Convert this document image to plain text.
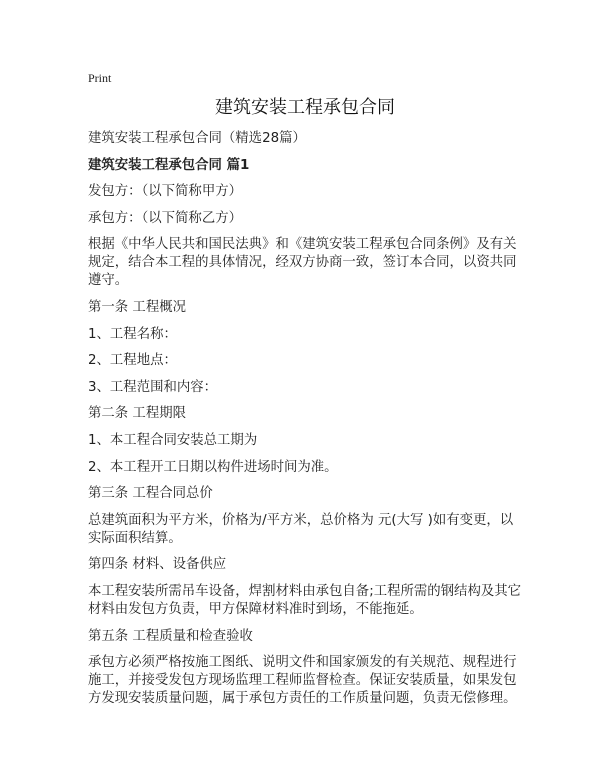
Print
建筑安装工程承包合同

建筑安装工程承包合同（精选28篇）

建筑安装工程承包合同 篇1

发包方：（以下简称甲方）

承包方：（以下简称乙方）

根据《中华人民共和国民法典》和《建筑安装工程承包合同条例》及有关规定，结合本工程的具体情况，经双方协商一致，签订本合同，以资共同遵守。

第一条 工程概况

1、工程名称：

2、工程地点：

3、工程范围和内容：

第二条 工程期限

1、本工程合同安装总工期为

2、本工程开工日期以构件进场时间为准。

第三条 工程合同总价

总建筑面积为平方米，价格为/平方米，总价格为 元(大写 )如有变更，以实际面积结算。

第四条 材料、设备供应

本工程安装所需吊车设备，焊割材料由承包自备;工程所需的钢结构及其它材料由发包方负责，甲方保障材料准时到场，不能拖延。

第五条 工程质量和检查验收

承包方必须严格按施工图纸、说明文件和国家颁发的有关规范、规程进行施工，并接受发包方现场监理工程师监督检查。保证安装质量，如果发包方发现安装质量问题，属于承包方责任的工作质量问题，负责无偿修理。
